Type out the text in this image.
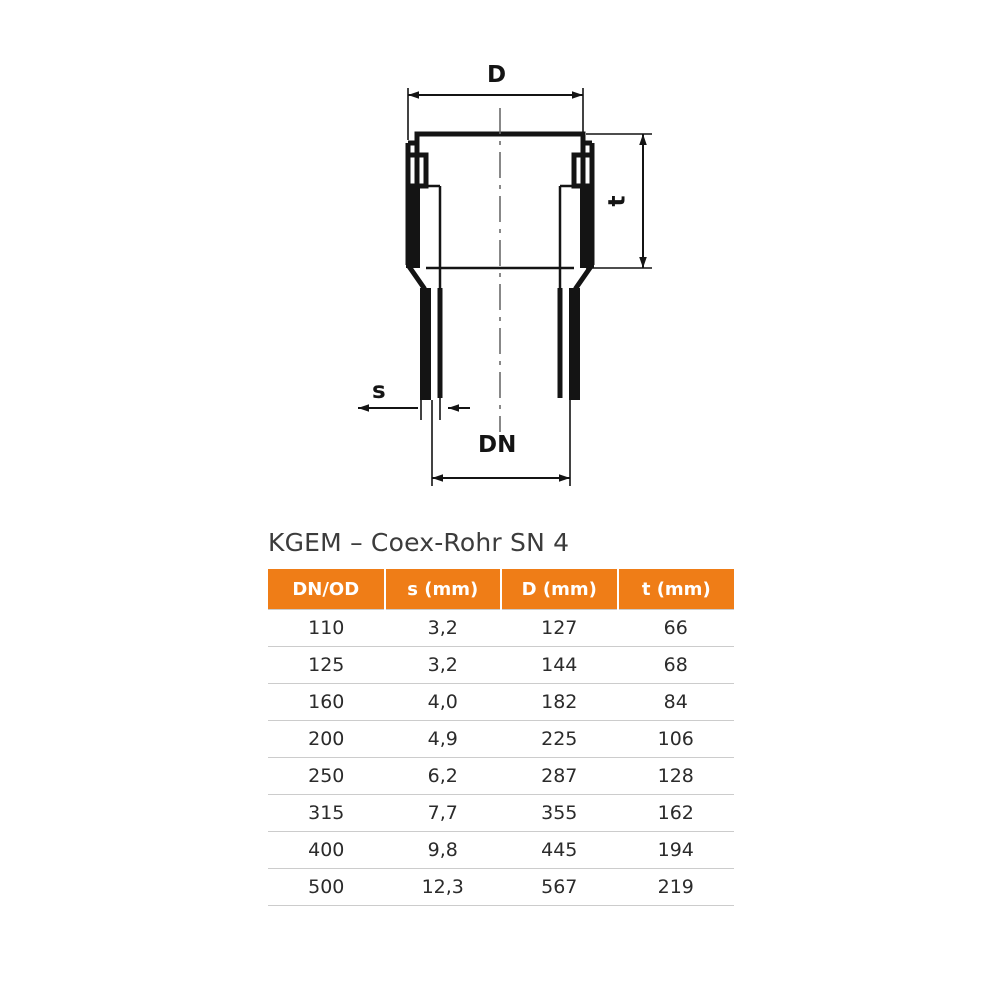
D
t
s
DN
KGEM – Coex-Rohr SN 4
DN/OD	s (mm)	D (mm)	t (mm)
110	3,2	127	66
125	3,2	144	68
160	4,0	182	84
200	4,9	225	106
250	6,2	287	128
315	7,7	355	162
400	9,8	445	194
500	12,3	567	219
